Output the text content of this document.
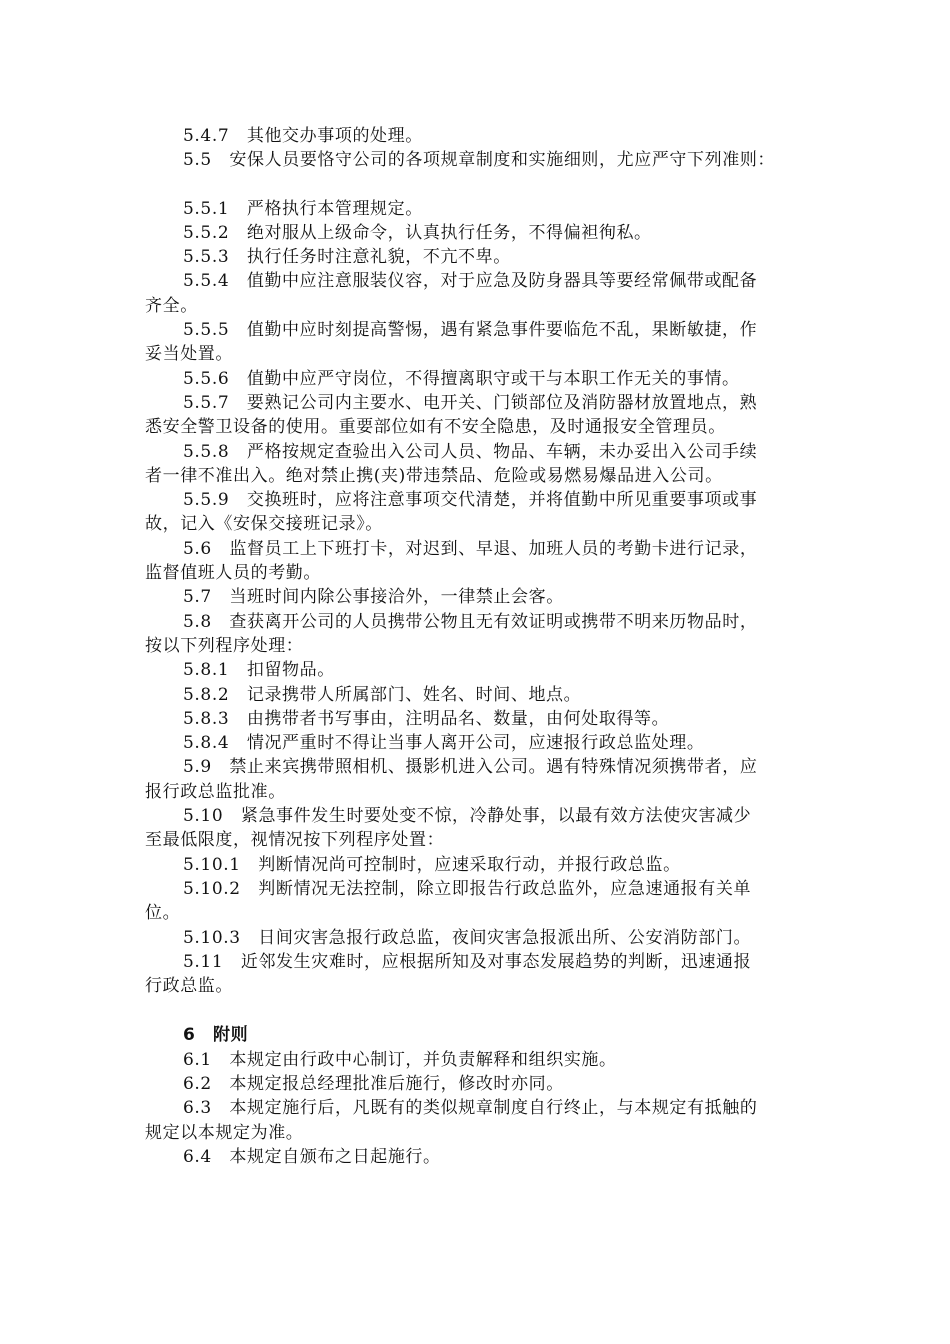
5.4.7　其他交办事项的处理。
5.5　安保人员要恪守公司的各项规章制度和实施细则，尤应严守下列准则：
5.5.1　严格执行本管理规定。
5.5.2　绝对服从上级命令，认真执行任务，不得偏袒徇私。
5.5.3　执行任务时注意礼貌，不亢不卑。
5.5.4　值勤中应注意服装仪容，对于应急及防身器具等要经常佩带或配备
齐全。
5.5.5　值勤中应时刻提高警惕，遇有紧急事件要临危不乱，果断敏捷，作
妥当处置。
5.5.6　值勤中应严守岗位，不得擅离职守或干与本职工作无关的事情。
5.5.7　要熟记公司内主要水、电开关、门锁部位及消防器材放置地点，熟
悉安全警卫设备的使用。重要部位如有不安全隐患，及时通报安全管理员。
5.5.8　严格按规定查验出入公司人员、物品、车辆，未办妥出入公司手续
者一律不准出入。绝对禁止携(夹)带违禁品、危险或易燃易爆品进入公司。
5.5.9　交换班时，应将注意事项交代清楚，并将值勤中所见重要事项或事
故，记入《安保交接班记录》。
5.6　监督员工上下班打卡，对迟到、早退、加班人员的考勤卡进行记录，
监督值班人员的考勤。
5.7　当班时间内除公事接洽外，一律禁止会客。
5.8　查获离开公司的人员携带公物且无有效证明或携带不明来历物品时，
按以下列程序处理：
5.8.1　扣留物品。
5.8.2　记录携带人所属部门、姓名、时间、地点。
5.8.3　由携带者书写事由，注明品名、数量，由何处取得等。
5.8.4　情况严重时不得让当事人离开公司，应速报行政总监处理。
5.9　禁止来宾携带照相机、摄影机进入公司。遇有特殊情况须携带者，应
报行政总监批准。
5.10　紧急事件发生时要处变不惊，冷静处事，以最有效方法使灾害减少
至最低限度，视情况按下列程序处置：
5.10.1　判断情况尚可控制时，应速采取行动，并报行政总监。
5.10.2　判断情况无法控制，除立即报告行政总监外，应急速通报有关单
位。
5.10.3　日间灾害急报行政总监，夜间灾害急报派出所、公安消防部门。
5.11　近邻发生灾难时，应根据所知及对事态发展趋势的判断，迅速通报
行政总监。
6　附则
6.1　本规定由行政中心制订，并负责解释和组织实施。
6.2　本规定报总经理批准后施行，修改时亦同。
6.3　本规定施行后，凡既有的类似规章制度自行终止，与本规定有抵触的
规定以本规定为准。
6.4　本规定自颁布之日起施行。
